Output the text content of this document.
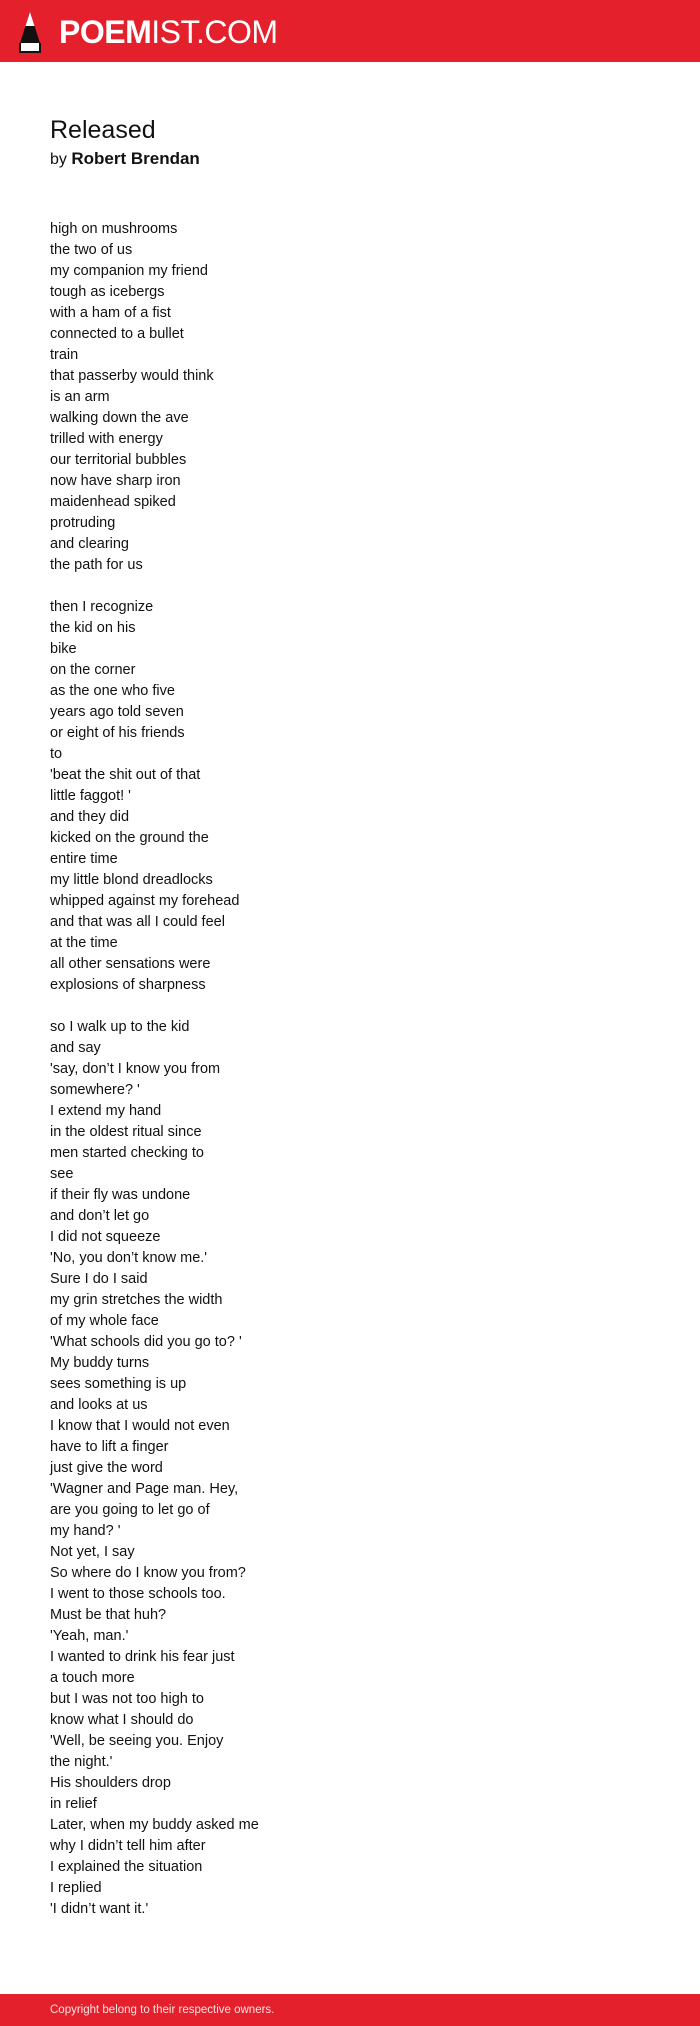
POEMIST.COM
Released
by Robert Brendan
high on mushrooms
the two of us
my companion my friend
tough as icebergs
with a ham of a fist
connected to a bullet
train
that passerby would think
is an arm
walking down the ave
trilled with energy
our territorial bubbles
now have sharp iron
maidenhead spiked
protruding
and clearing
the path for us
then I recognize
the kid on his
bike
on the corner
as the one who five
years ago told seven
or eight of his friends
to
'beat the shit out of that
little faggot! '
and they did
kicked on the ground the
entire time
my little blond dreadlocks
whipped against my forehead
and that was all I could feel
at the time
all other sensations were
explosions of sharpness
so I walk up to the kid
and say
'say, don’t I know you from
somewhere? '
I extend my hand
in the oldest ritual since
men started checking to
see
if their fly was undone
and don’t let go
I did not squeeze
'No, you don’t know me.'
Sure I do I said
my grin stretches the width
of my whole face
'What schools did you go to? '
My buddy turns
sees something is up
and looks at us
I know that I would not even
have to lift a finger
just give the word
'Wagner and Page man. Hey,
are you going to let go of
my hand? '
Not yet, I say
So where do I know you from?
I went to those schools too.
Must be that huh?
'Yeah, man.'
I wanted to drink his fear just
a touch more
but I was not too high to
know what I should do
'Well, be seeing you. Enjoy
the night.'
His shoulders drop
in relief
Later, when my buddy asked me
why I didn’t tell him after
I explained the situation
I replied
'I didn’t want it.'
Copyright belong to their respective owners.
